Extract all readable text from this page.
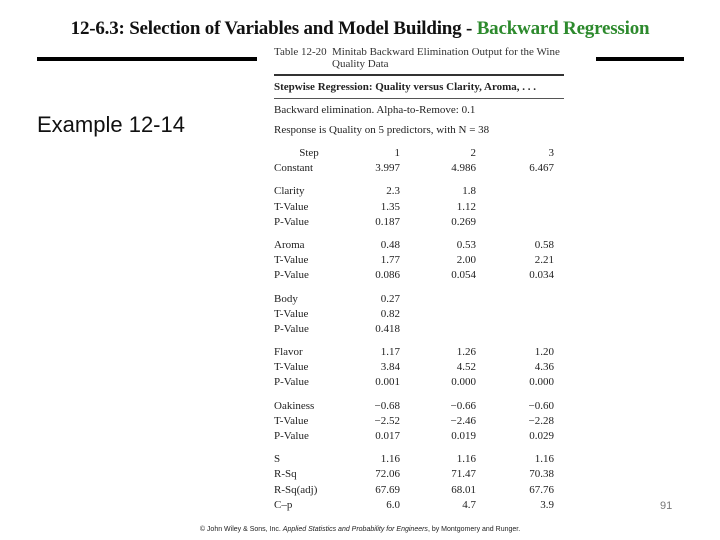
12-6.3: Selection of Variables and Model Building - Backward Regression
Example 12-14
Table 12-20 Minitab Backward Elimination Output for the Wine Quality Data
Stepwise Regression: Quality versus Clarity, Aroma, . . .
Backward elimination. Alpha-to-Remove: 0.1
Response is Quality on 5 predictors, with N = 38
Step	1	2	3
Constant	3.997	4.986	6.467
Clarity	2.3	1.8
T-Value	1.35	1.12
P-Value	0.187	0.269
Aroma	0.48	0.53	0.58
T-Value	1.77	2.00	2.21
P-Value	0.086	0.054	0.034
Body	0.27
T-Value	0.82
P-Value	0.418
Flavor	1.17	1.26	1.20
T-Value	3.84	4.52	4.36
P-Value	0.001	0.000	0.000
Oakiness	−0.68	−0.66	−0.60
T-Value	−2.52	−2.46	−2.28
P-Value	0.017	0.019	0.029
S	1.16	1.16	1.16
R-Sq	72.06	71.47	70.38
R-Sq(adj)	67.69	68.01	67.76
C–p	6.0	4.7	3.9	91
© John Wiley & Sons, Inc. Applied Statistics and Probability for Engineers, by Montgomery and Runger.
